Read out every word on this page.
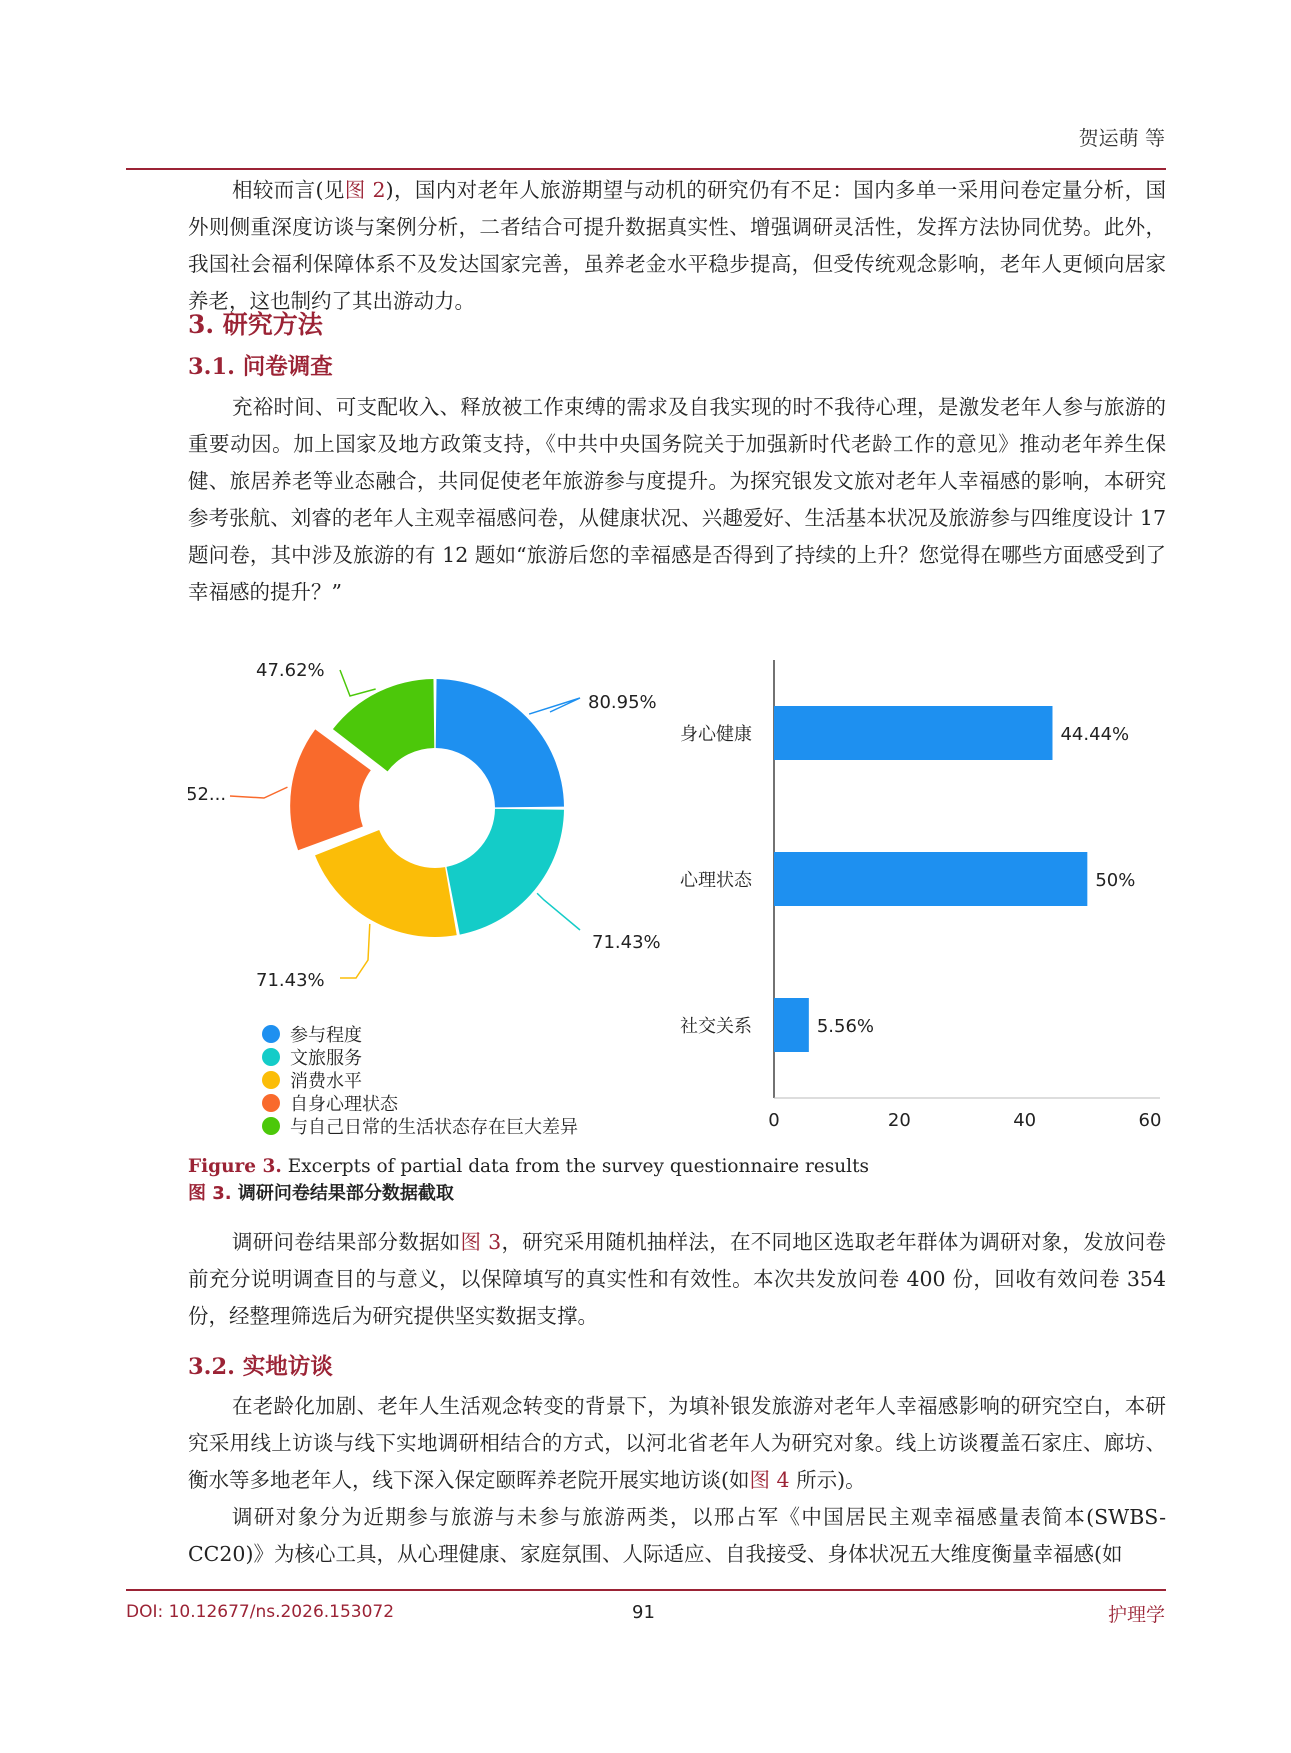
贺运萌 等

相较而言(见图 2)，国内对老年人旅游期望与动机的研究仍有不足：国内多单一采用问卷定量分析，国外则侧重深度访谈与案例分析，二者结合可提升数据真实性、增强调研灵活性，发挥方法协同优势。此外，我国社会福利保障体系不及发达国家完善，虽养老金水平稳步提高，但受传统观念影响，老年人更倾向居家养老，这也制约了其出游动力。

3. 研究方法
3.1. 问卷调查

充裕时间、可支配收入、释放被工作束缚的需求及自我实现的时不我待心理，是激发老年人参与旅游的重要动因。加上国家及地方政策支持，《中共中央国务院关于加强新时代老龄工作的意见》推动老年养生保健、旅居养老等业态融合，共同促使老年旅游参与度提升。为探究银发文旅对老年人幸福感的影响，本研究参考张航、刘睿的老年人主观幸福感问卷，从健康状况、兴趣爱好、生活基本状况及旅游参与四维度设计 17 题问卷，其中涉及旅游的有 12 题如“旅游后您的幸福感是否得到了持续的上升？您觉得在哪些方面感受到了幸福感的提升？”

80.95%
71.43%
71.43%
52...
47.62%
参与程度
文旅服务
消费水平
自身心理状态
与自己日常的生活状态存在巨大差异
身心健康	44.44%
心理状态	50%
社交关系	5.56%
0	20	40	60
Figure 3. Excerpts of partial data from the survey questionnaire results
图 3. 调研问卷结果部分数据截取

调研问卷结果部分数据如图 3，研究采用随机抽样法，在不同地区选取老年群体为调研对象，发放问卷前充分说明调查目的与意义，以保障填写的真实性和有效性。本次共发放问卷 400 份，回收有效问卷 354 份，经整理筛选后为研究提供坚实数据支撑。

3.2. 实地访谈

在老龄化加剧、老年人生活观念转变的背景下，为填补银发旅游对老年人幸福感影响的研究空白，本研究采用线上访谈与线下实地调研相结合的方式，以河北省老年人为研究对象。线上访谈覆盖石家庄、廊坊、衡水等多地老年人，线下深入保定颐晖养老院开展实地访谈(如图 4 所示)。

调研对象分为近期参与旅游与未参与旅游两类，以邢占军《中国居民主观幸福感量表简本(SWBS-CC20)》为核心工具，从心理健康、家庭氛围、人际适应、自我接受、身体状况五大维度衡量幸福感(如

DOI: 10.12677/ns.2026.153072	91	护理学
